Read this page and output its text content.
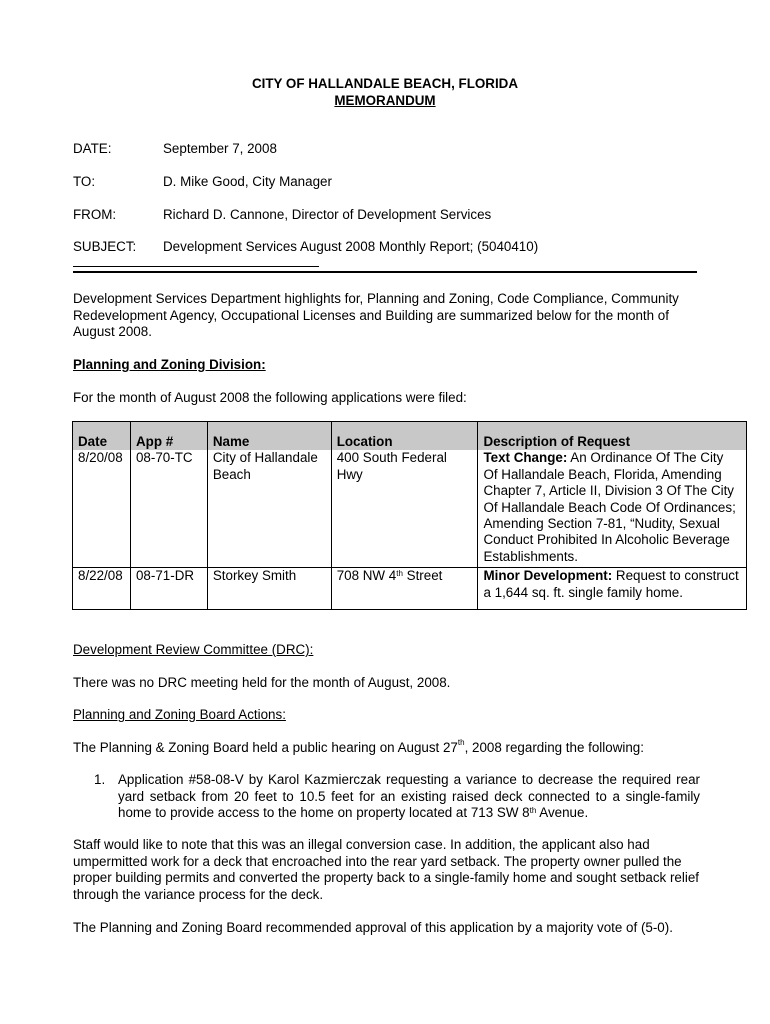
CITY OF HALLANDALE BEACH, FLORIDA
MEMORANDUM
DATE:	September 7, 2008
TO:	D. Mike Good, City Manager
FROM:	Richard D. Cannone, Director of Development Services
SUBJECT: Development Services August 2008 Monthly Report; (5040410)
Development Services Department highlights for, Planning and Zoning, Code Compliance, Community Redevelopment Agency, Occupational Licenses and Building are summarized below for the month of August 2008.
Planning and Zoning Division:
For the month of August 2008 the following applications were filed:
Date	App #	Name	Location	Description of Request
8/20/08	08-70-TC	City of Hallandale Beach	400 South Federal Hwy	Text Change: An Ordinance Of The City Of Hallandale Beach, Florida, Amending Chapter 7, Article II, Division 3 Of The City Of Hallandale Beach Code Of Ordinances; Amending Section 7-81, “Nudity, Sexual Conduct Prohibited In Alcoholic Beverage Establishments.
8/22/08	08-71-DR	Storkey Smith	708 NW 4th Street	Minor Development: Request to construct a 1,644 sq. ft. single family home.
Development Review Committee (DRC):
There was no DRC meeting held for the month of August, 2008.
Planning and Zoning Board Actions:
The Planning & Zoning Board held a public hearing on August 27th, 2008 regarding the following:
1. Application #58-08-V by Karol Kazmierczak requesting a variance to decrease the required rear yard setback from 20 feet to 10.5 feet for an existing raised deck connected to a single-family home to provide access to the home on property located at 713 SW 8th Avenue.
Staff would like to note that this was an illegal conversion case. In addition, the applicant also had umpermitted work for a deck that encroached into the rear yard setback. The property owner pulled the proper building permits and converted the property back to a single-family home and sought setback relief through the variance process for the deck.
The Planning and Zoning Board recommended approval of this application by a majority vote of (5-0).
